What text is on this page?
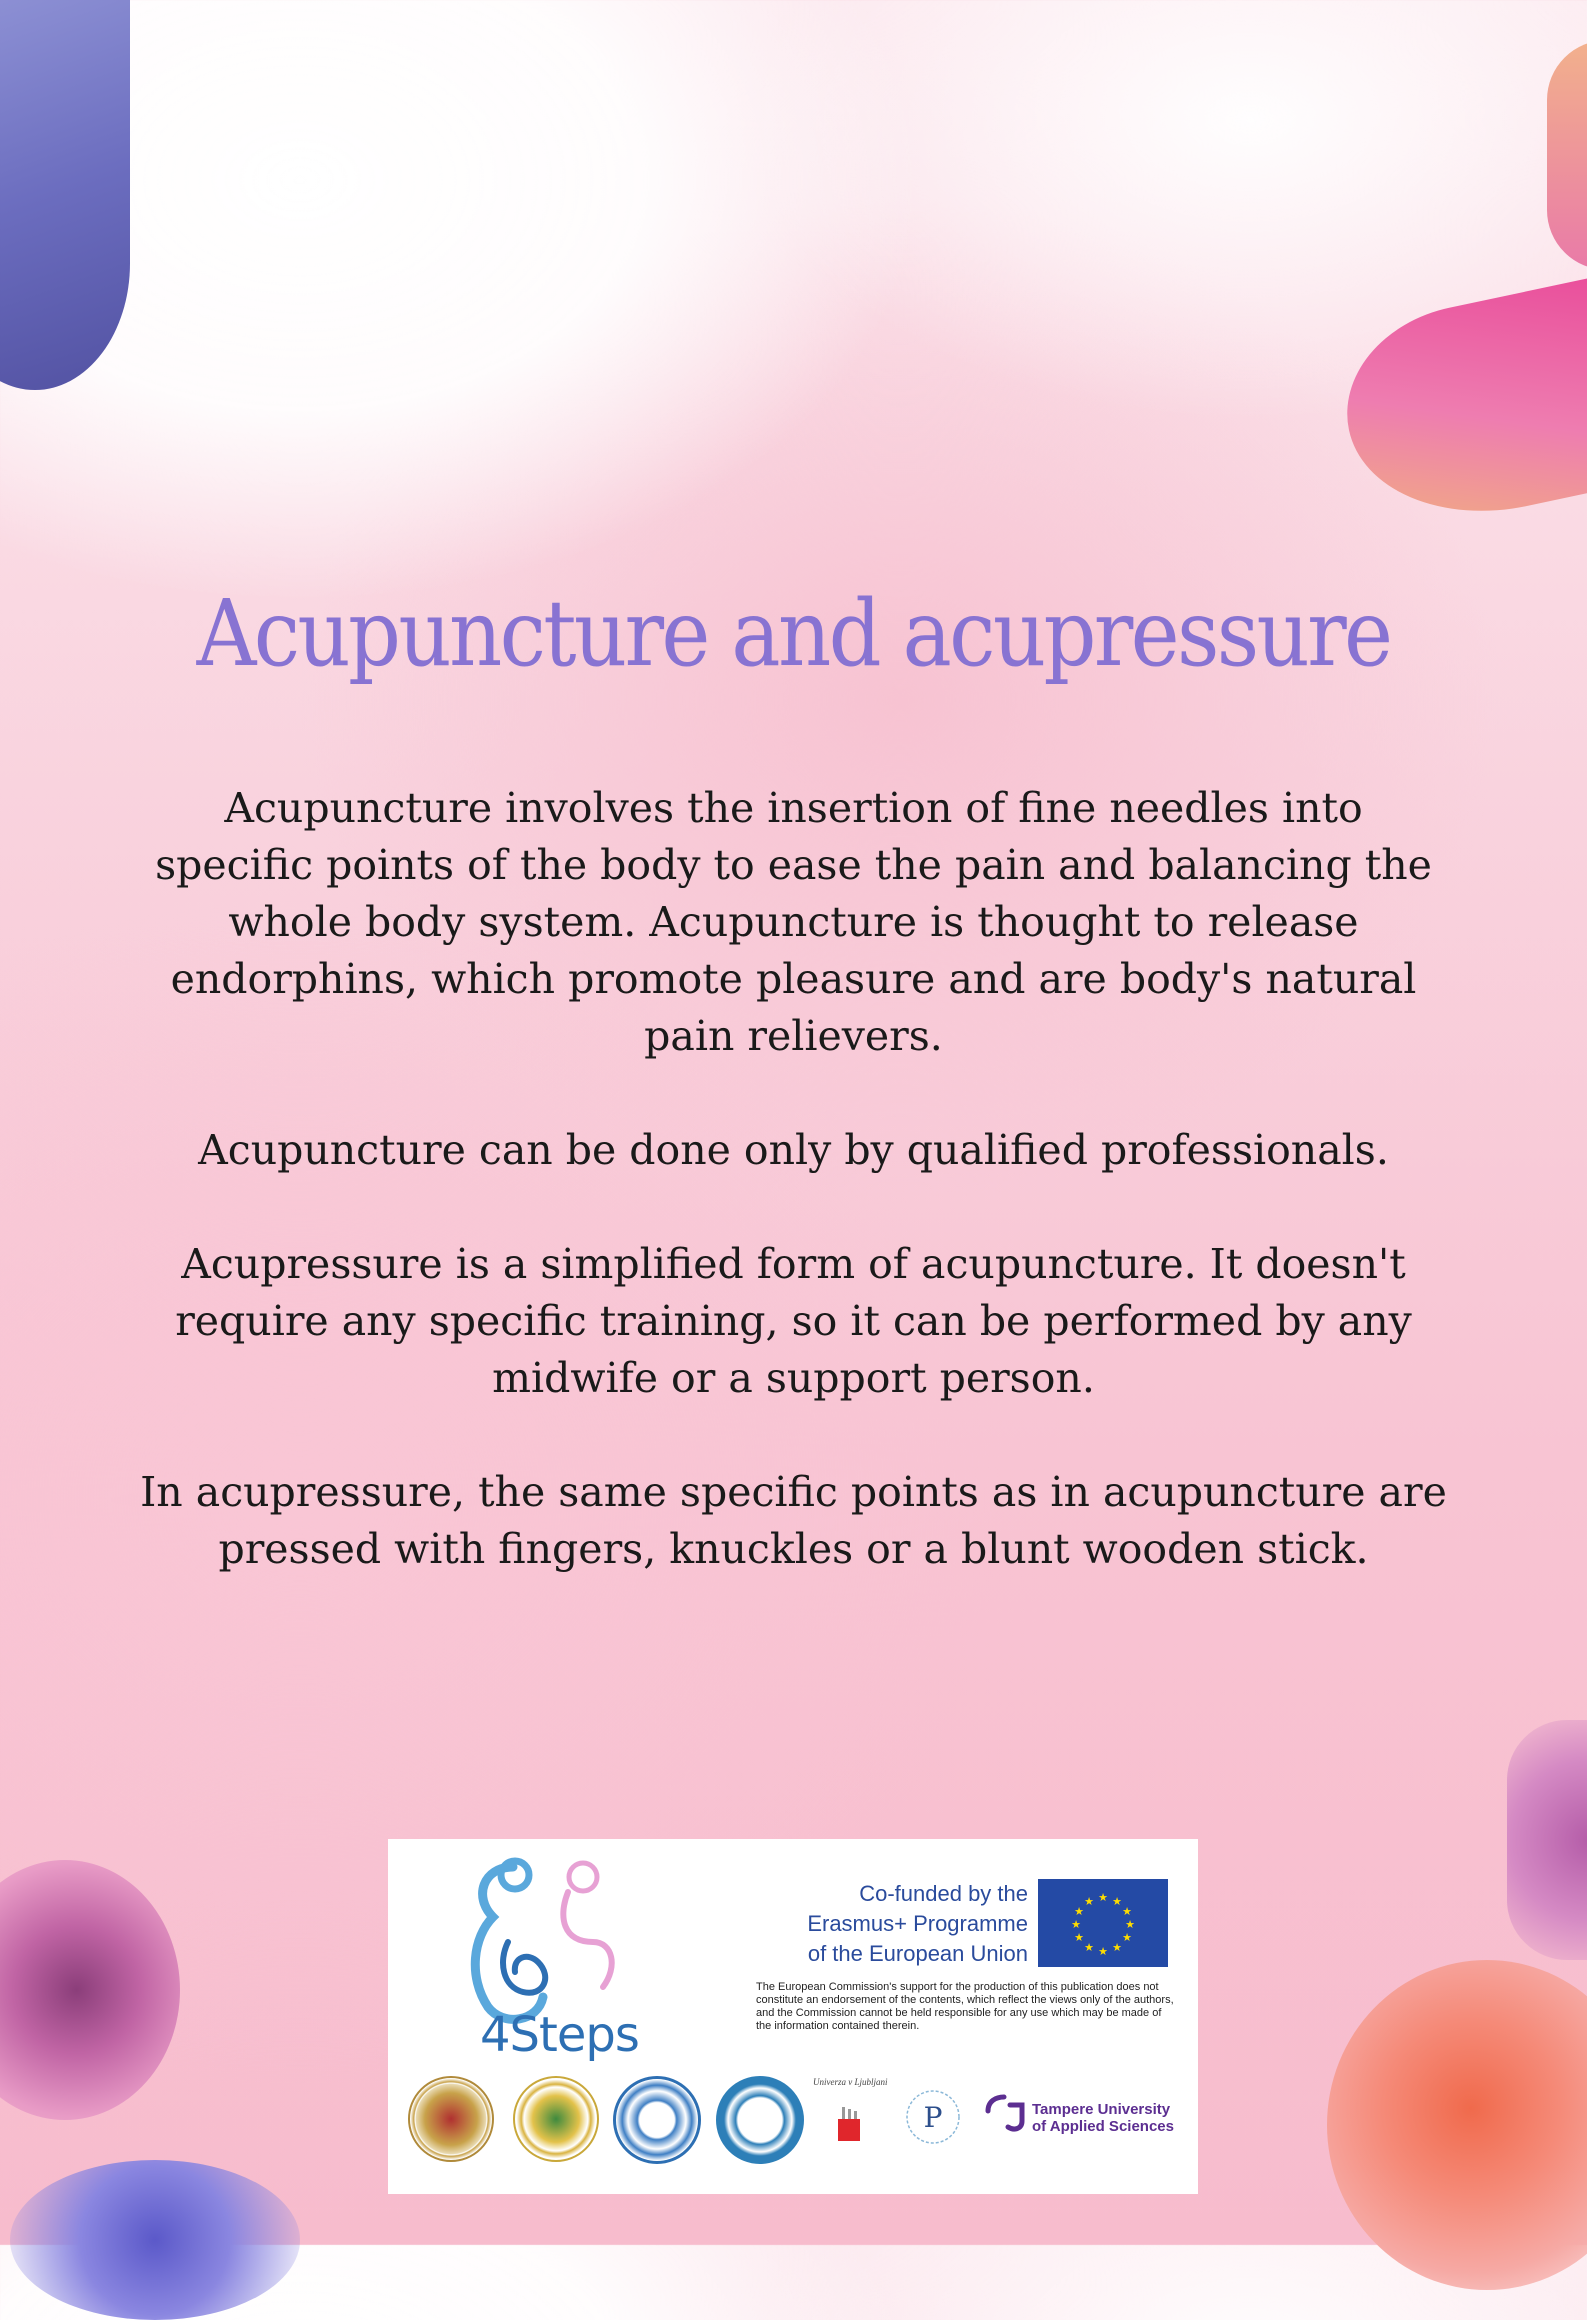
Acupuncture and acupressure

Acupuncture involves the insertion of fine needles into specific points of the body to ease the pain and balancing the whole body system. Acupuncture is thought to release endorphins, which promote pleasure and are body's natural pain relievers.

Acupuncture can be done only by qualified professionals.

Acupressure is a simplified form of acupuncture. It doesn't require any specific training, so it can be performed by any midwife or a support person.

In acupressure, the same specific points as in acupuncture are pressed with fingers, knuckles or a blunt wooden stick.

4Steps
Co-funded by the
Erasmus+ Programme
of the European Union
★ ★
★
★
★
★
★
★
★
★
★
★
The European Commission's support for the production of this publication does not constitute an endorsement of the contents, which reflect the views only of the authors, and the Commission cannot be held responsible for any use which may be made of the information contained therein.
Univerza v Ljubljani
P	Tampere University
of Applied Sciences
